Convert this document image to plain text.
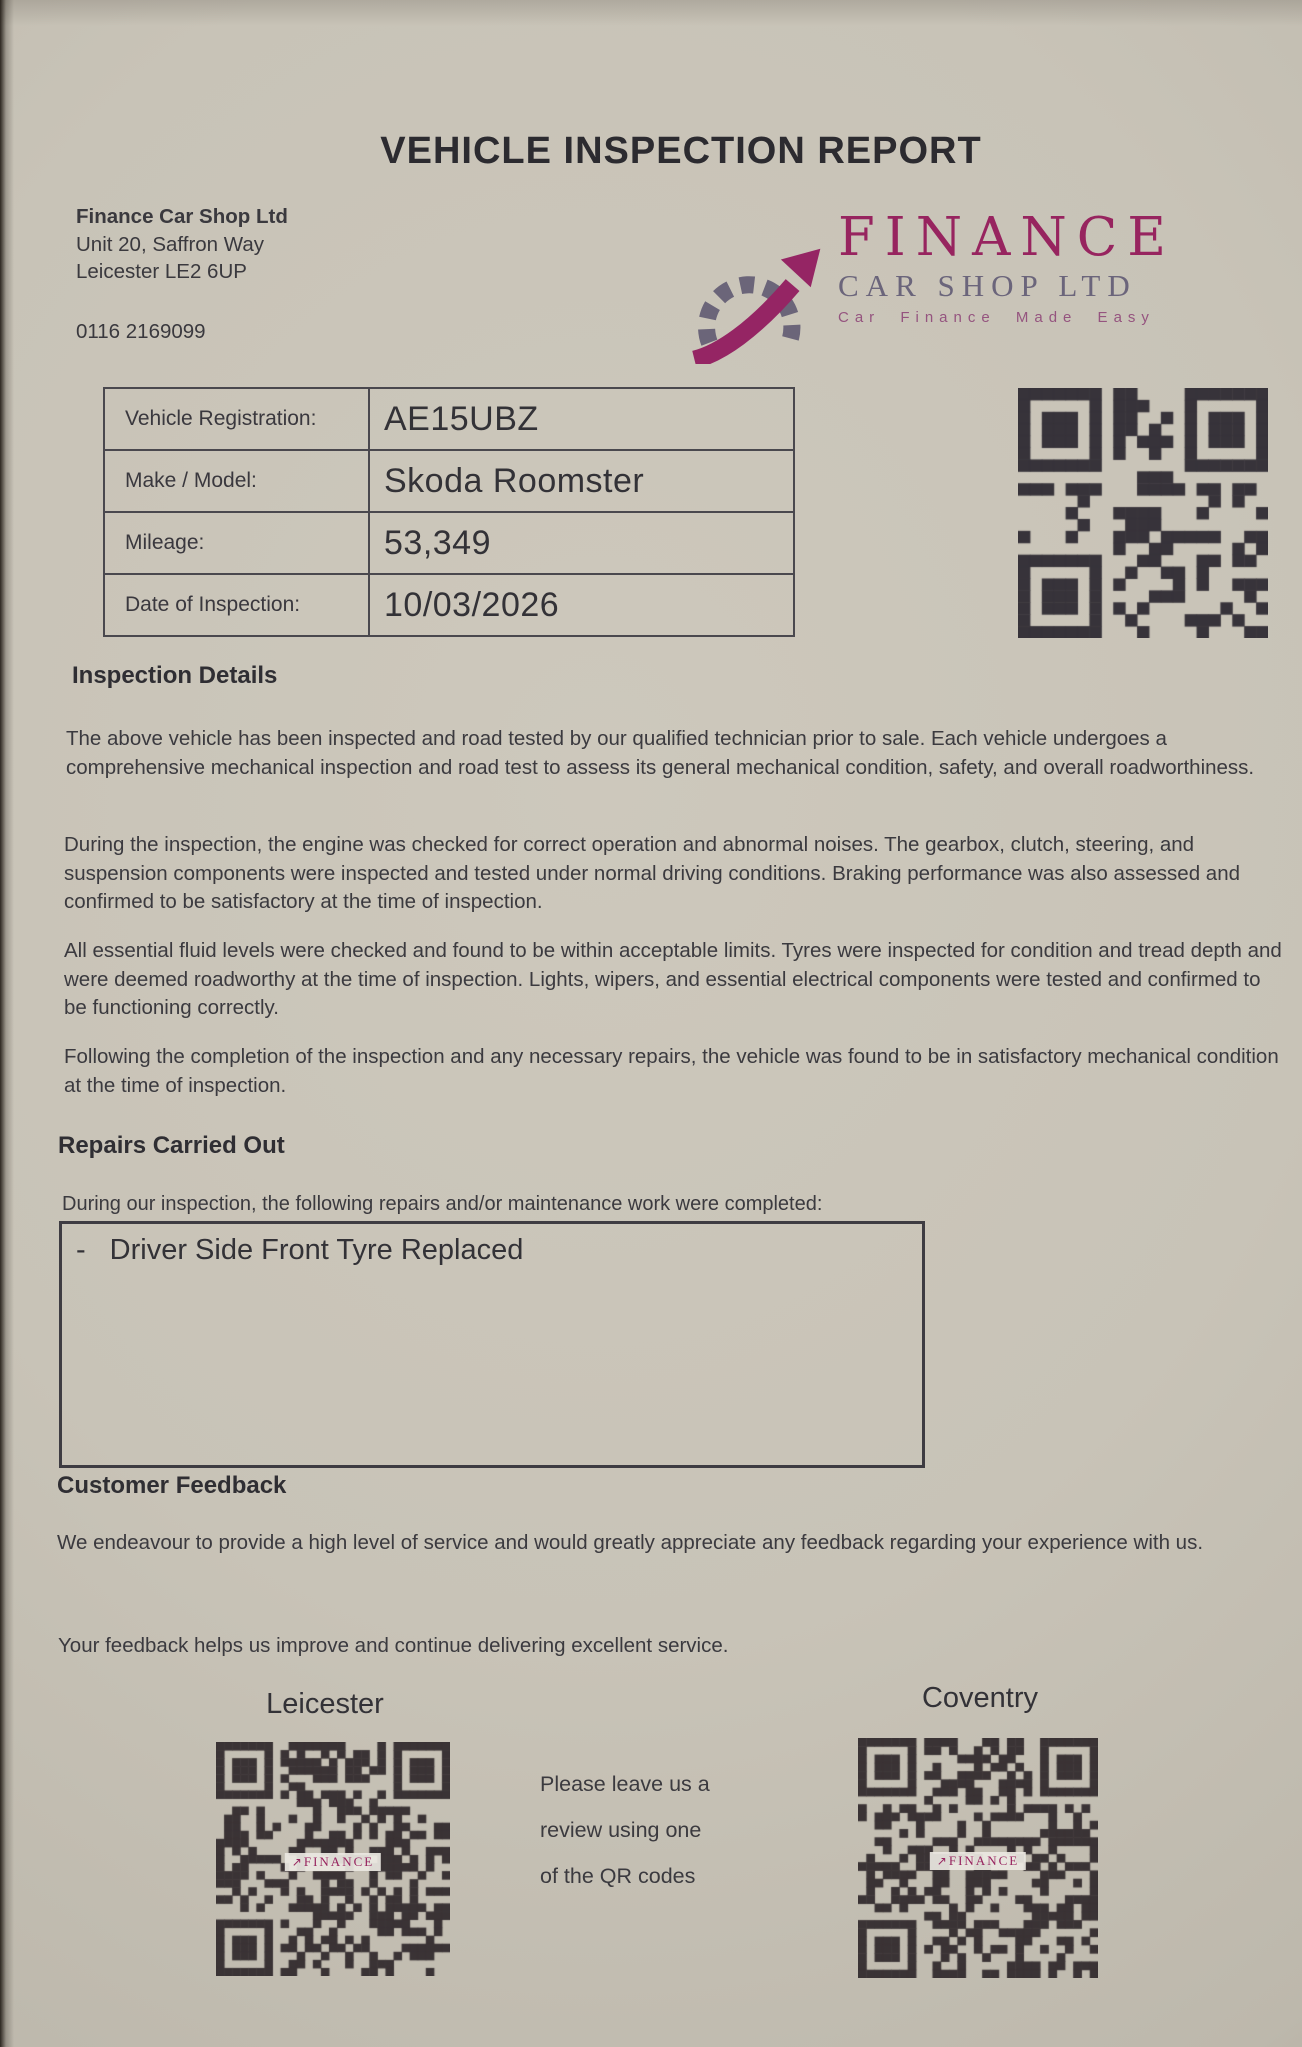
VEHICLE INSPECTION REPORT
Finance Car Shop Ltd
Unit 20, Saffron Way
Leicester LE2 6UP
0116 2169099
FINANCE
CAR SHOP LTD
Car Finance Made Easy
Vehicle Registration:	AE15UBZ
Make / Model:	Skoda Roomster
Mileage:	53,349
Date of Inspection:	10/03/2026
Inspection Details
The above vehicle has been inspected and road tested by our qualified technician prior to sale. Each vehicle undergoes a comprehensive mechanical inspection and road test to assess its general mechanical condition, safety, and overall roadworthiness.
During the inspection, the engine was checked for correct operation and abnormal noises. The gearbox, clutch, steering, and suspension components were inspected and tested under normal driving conditions. Braking performance was also assessed and confirmed to be satisfactory at the time of inspection.
All essential fluid levels were checked and found to be within acceptable limits. Tyres were inspected for condition and tread depth and were deemed roadworthy at the time of inspection. Lights, wipers, and essential electrical components were tested and confirmed to be functioning correctly.
Following the completion of the inspection and any necessary repairs, the vehicle was found to be in satisfactory mechanical condition at the time of inspection.
Repairs Carried Out
During our inspection, the following repairs and/or maintenance work were completed:
- Driver Side Front Tyre Replaced
Customer Feedback
We endeavour to provide a high level of service and would greatly appreciate any feedback regarding your experience with us.
Your feedback helps us improve and continue delivering excellent service.
Leicester	Coventry
↗FINANCE	↗FINANCE
Please leave us a
review using one
of the QR codes
